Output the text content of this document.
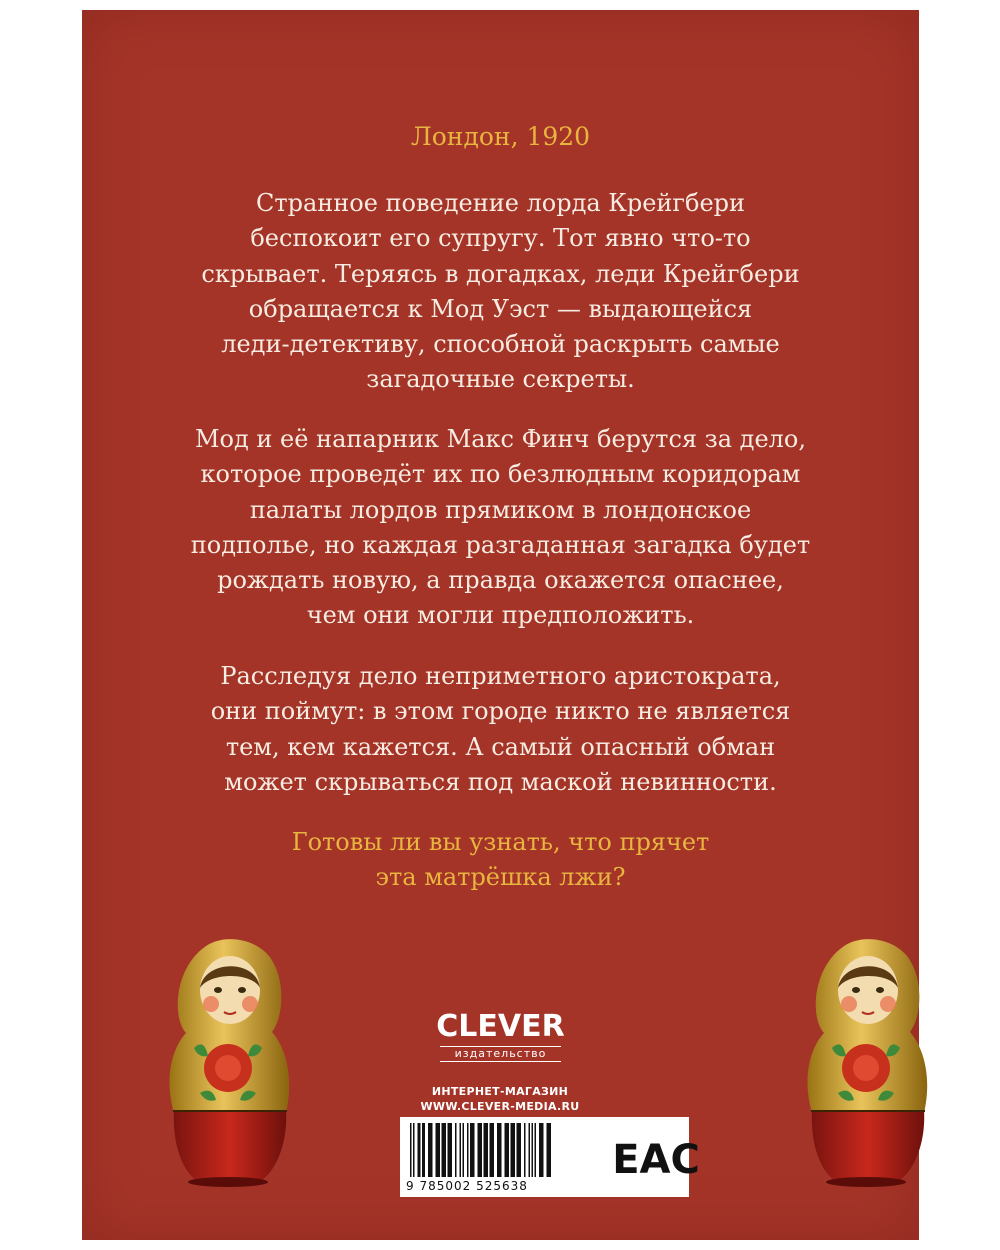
Лондон, 1920
Странное поведение лорда Крейгбери
беспокоит его супругу. Тот явно что-то
скрывает. Теряясь в догадках, леди Крейгбери
обращается к Мод Уэст — выдающейся
леди-детективу, способной раскрыть самые
загадочные секреты.
Мод и её напарник Макс Финч берутся за дело,
которое проведёт их по безлюдным коридорам
палаты лордов прямиком в лондонское
подполье, но каждая разгаданная загадка будет
рождать новую, а правда окажется опаснее,
чем они могли предположить.
Расследуя дело неприметного аристократа,
они поймут: в этом городе никто не является
тем, кем кажется. А самый опасный обман
может скрываться под маской невинности.
Готовы ли вы узнать, что прячет
эта матрёшка лжи?
CLEVER
издательство
ИНТЕРНЕТ-МАГАЗИН
WWW.CLEVER-MEDIA.RU
9 785002 525638
EAC
